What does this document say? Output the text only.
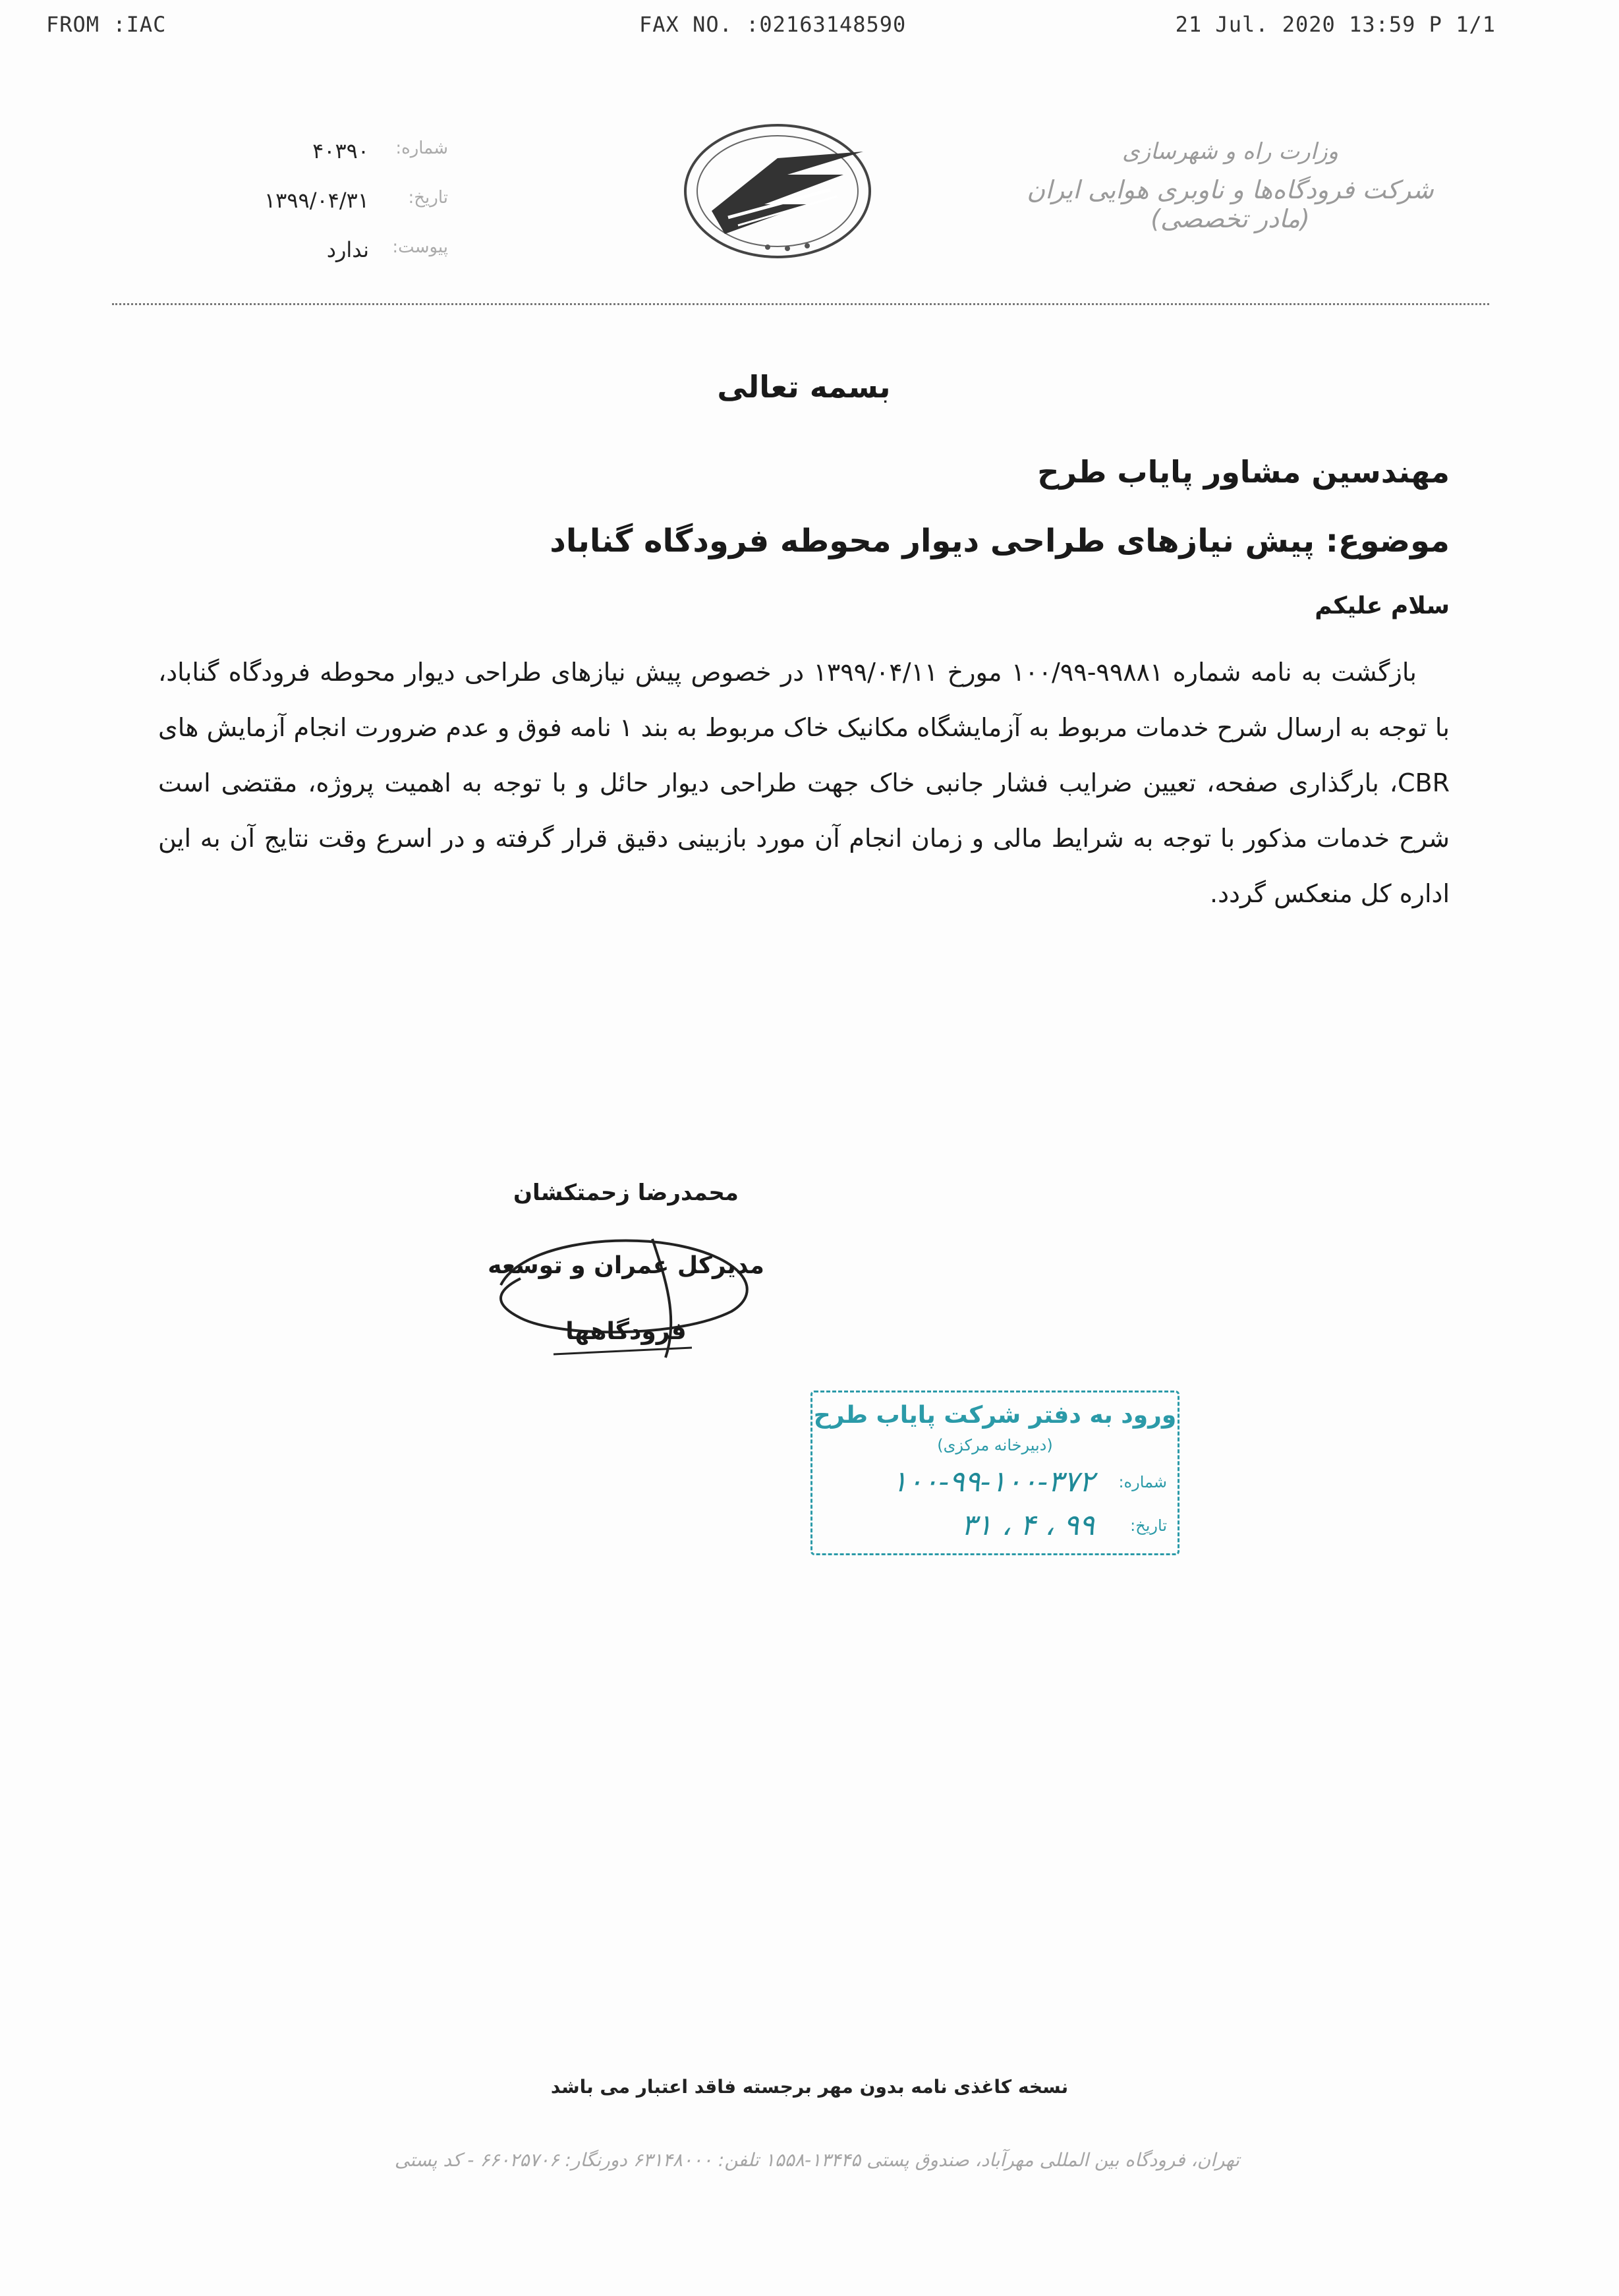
FROM :IAC	FAX NO. :02163148590	21 Jul. 2020 13:59 P 1/1
شماره:
۴۰۳۹۰
تاریخ:
۱۳۹۹/۰۴/۳۱
پیوست:
ندارد
وزارت راه و شهرسازی
شرکت فرودگاه‌ها و ناوبری هوایی ایران (مادر تخصصی)
بسمه تعالی
مهندسین مشاور پایاب طرح
موضوع: پیش نیازهای طراحی دیوار محوطه فرودگاه گناباد
سلام علیکم

بازگشت به نامه شماره ۹۹۸۸۱-۱۰۰/۹۹ مورخ ۱۳۹۹/۰۴/۱۱ در خصوص پیش نیازهای طراحی دیوار محوطه فرودگاه گناباد، با توجه به ارسال شرح خدمات مربوط به آزمایشگاه مکانیک خاک مربوط به بند ۱ نامه فوق و عدم ضرورت انجام آزمایش های CBR، بارگذاری صفحه، تعیین ضرایب فشار جانبی خاک جهت طراحی دیوار حائل و با توجه به اهمیت پروژه، مقتضی است شرح خدمات مذکور با توجه به شرایط مالی و زمان انجام آن مورد بازبینی دقیق قرار گرفته و در اسرع وقت نتایج آن به این اداره کل منعکس گردد.

محمدرضا زحمتکشان
مدیرکل عمران و توسعه
فرودگاهها
ورود به دفتر شرکت پایاب طرح
(دبیرخانه مرکزی)
شماره:
۱۰۰-۹۹-۱۰۰-۳۷۲
تاریخ:
۹۹ ، ۴ ، ۳۱
نسخه کاغذی نامه بدون مهر برجسته فاقد اعتبار می باشد
تهران، فرودگاه بین المللی مهرآباد، صندوق پستی ۱۳۴۴۵-۱۵۵۸ تلفن: ۶۳۱۴۸۰۰۰ دورنگار: ۶۶۰۲۵۷۰۶ - کد پستی
